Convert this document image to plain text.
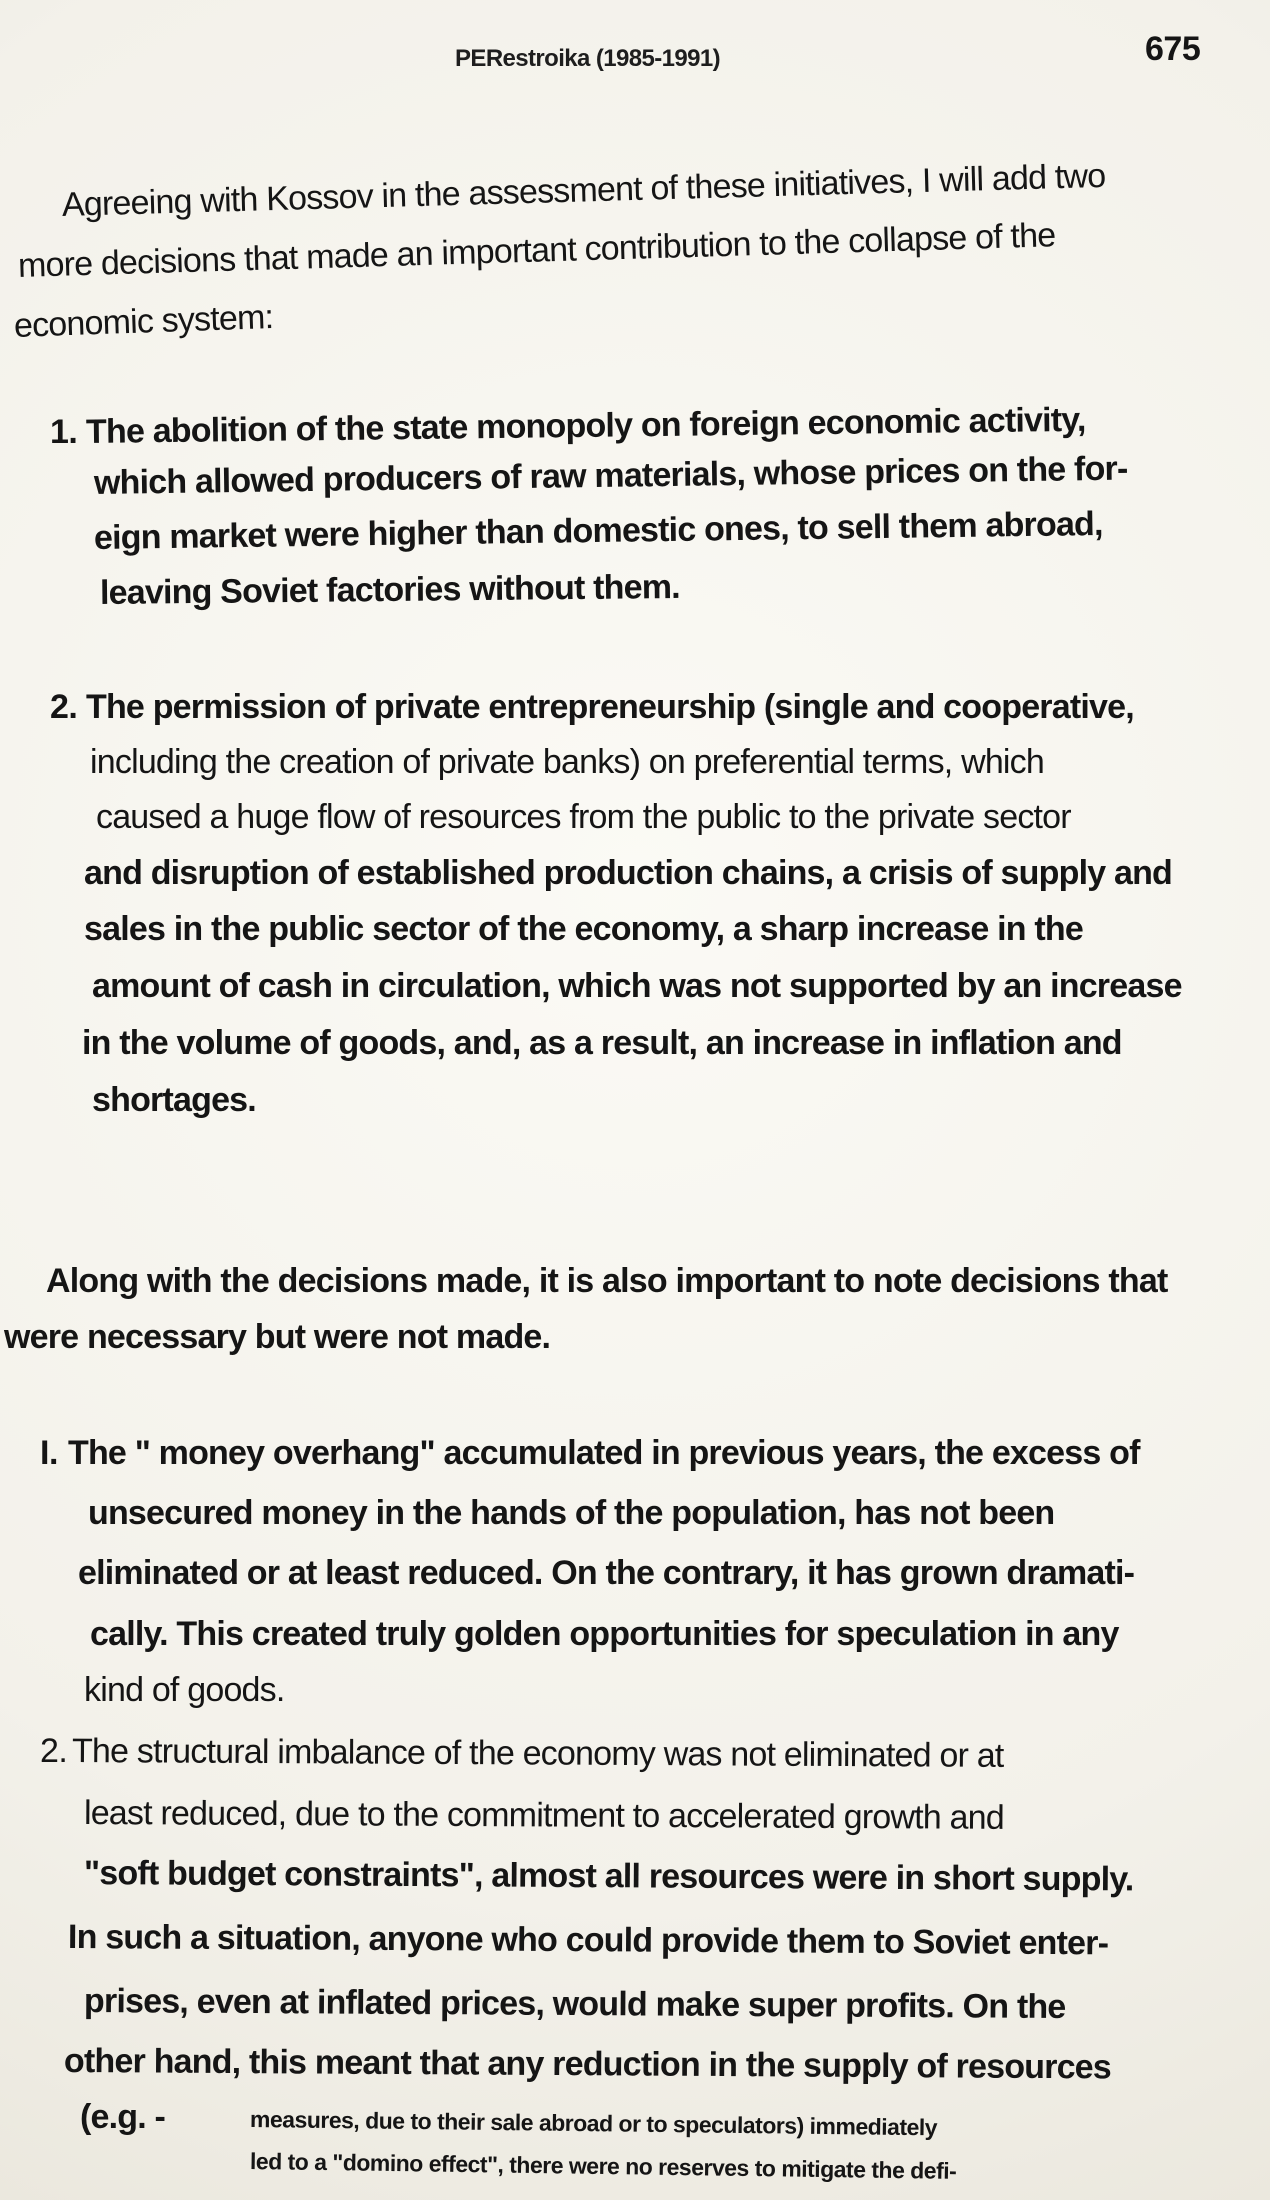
PERestroika (1985-1991)	675
Agreeing with Kossov in the assessment of these initiatives, I will add two
more decisions that made an important contribution to the collapse of the
economic system:
1. The abolition of the state monopoly on foreign economic activity,
which allowed producers of raw materials, whose prices on the for-
eign market were higher than domestic ones, to sell them abroad,
leaving Soviet factories without them.
2. The permission of private entrepreneurship (single and cooperative,
including the creation of private banks) on preferential terms, which
caused a huge flow of resources from the public to the private sector
and disruption of established production chains, a crisis of supply and
sales in the public sector of the economy, a sharp increase in the
amount of cash in circulation, which was not supported by an increase
in the volume of goods, and, as a result, an increase in inflation and
shortages.
Along with the decisions made, it is also important to note decisions that
were necessary but were not made.
I. The " money overhang" accumulated in previous years, the excess of
unsecured money in the hands of the population, has not been
eliminated or at least reduced. On the contrary, it has grown dramati-
cally. This created truly golden opportunities for speculation in any
kind of goods.
2. The structural imbalance of the economy was not eliminated or at
least reduced, due to the commitment to accelerated growth and
"soft budget constraints", almost all resources were in short supply.
In such a situation, anyone who could provide them to Soviet enter-
prises, even at inflated prices, would make super profits. On the
other hand, this meant that any reduction in the supply of resources
(e.g. -	measures, due to their sale abroad or to speculators) immediately
led to a "domino effect", there were no reserves to mitigate the defi-
